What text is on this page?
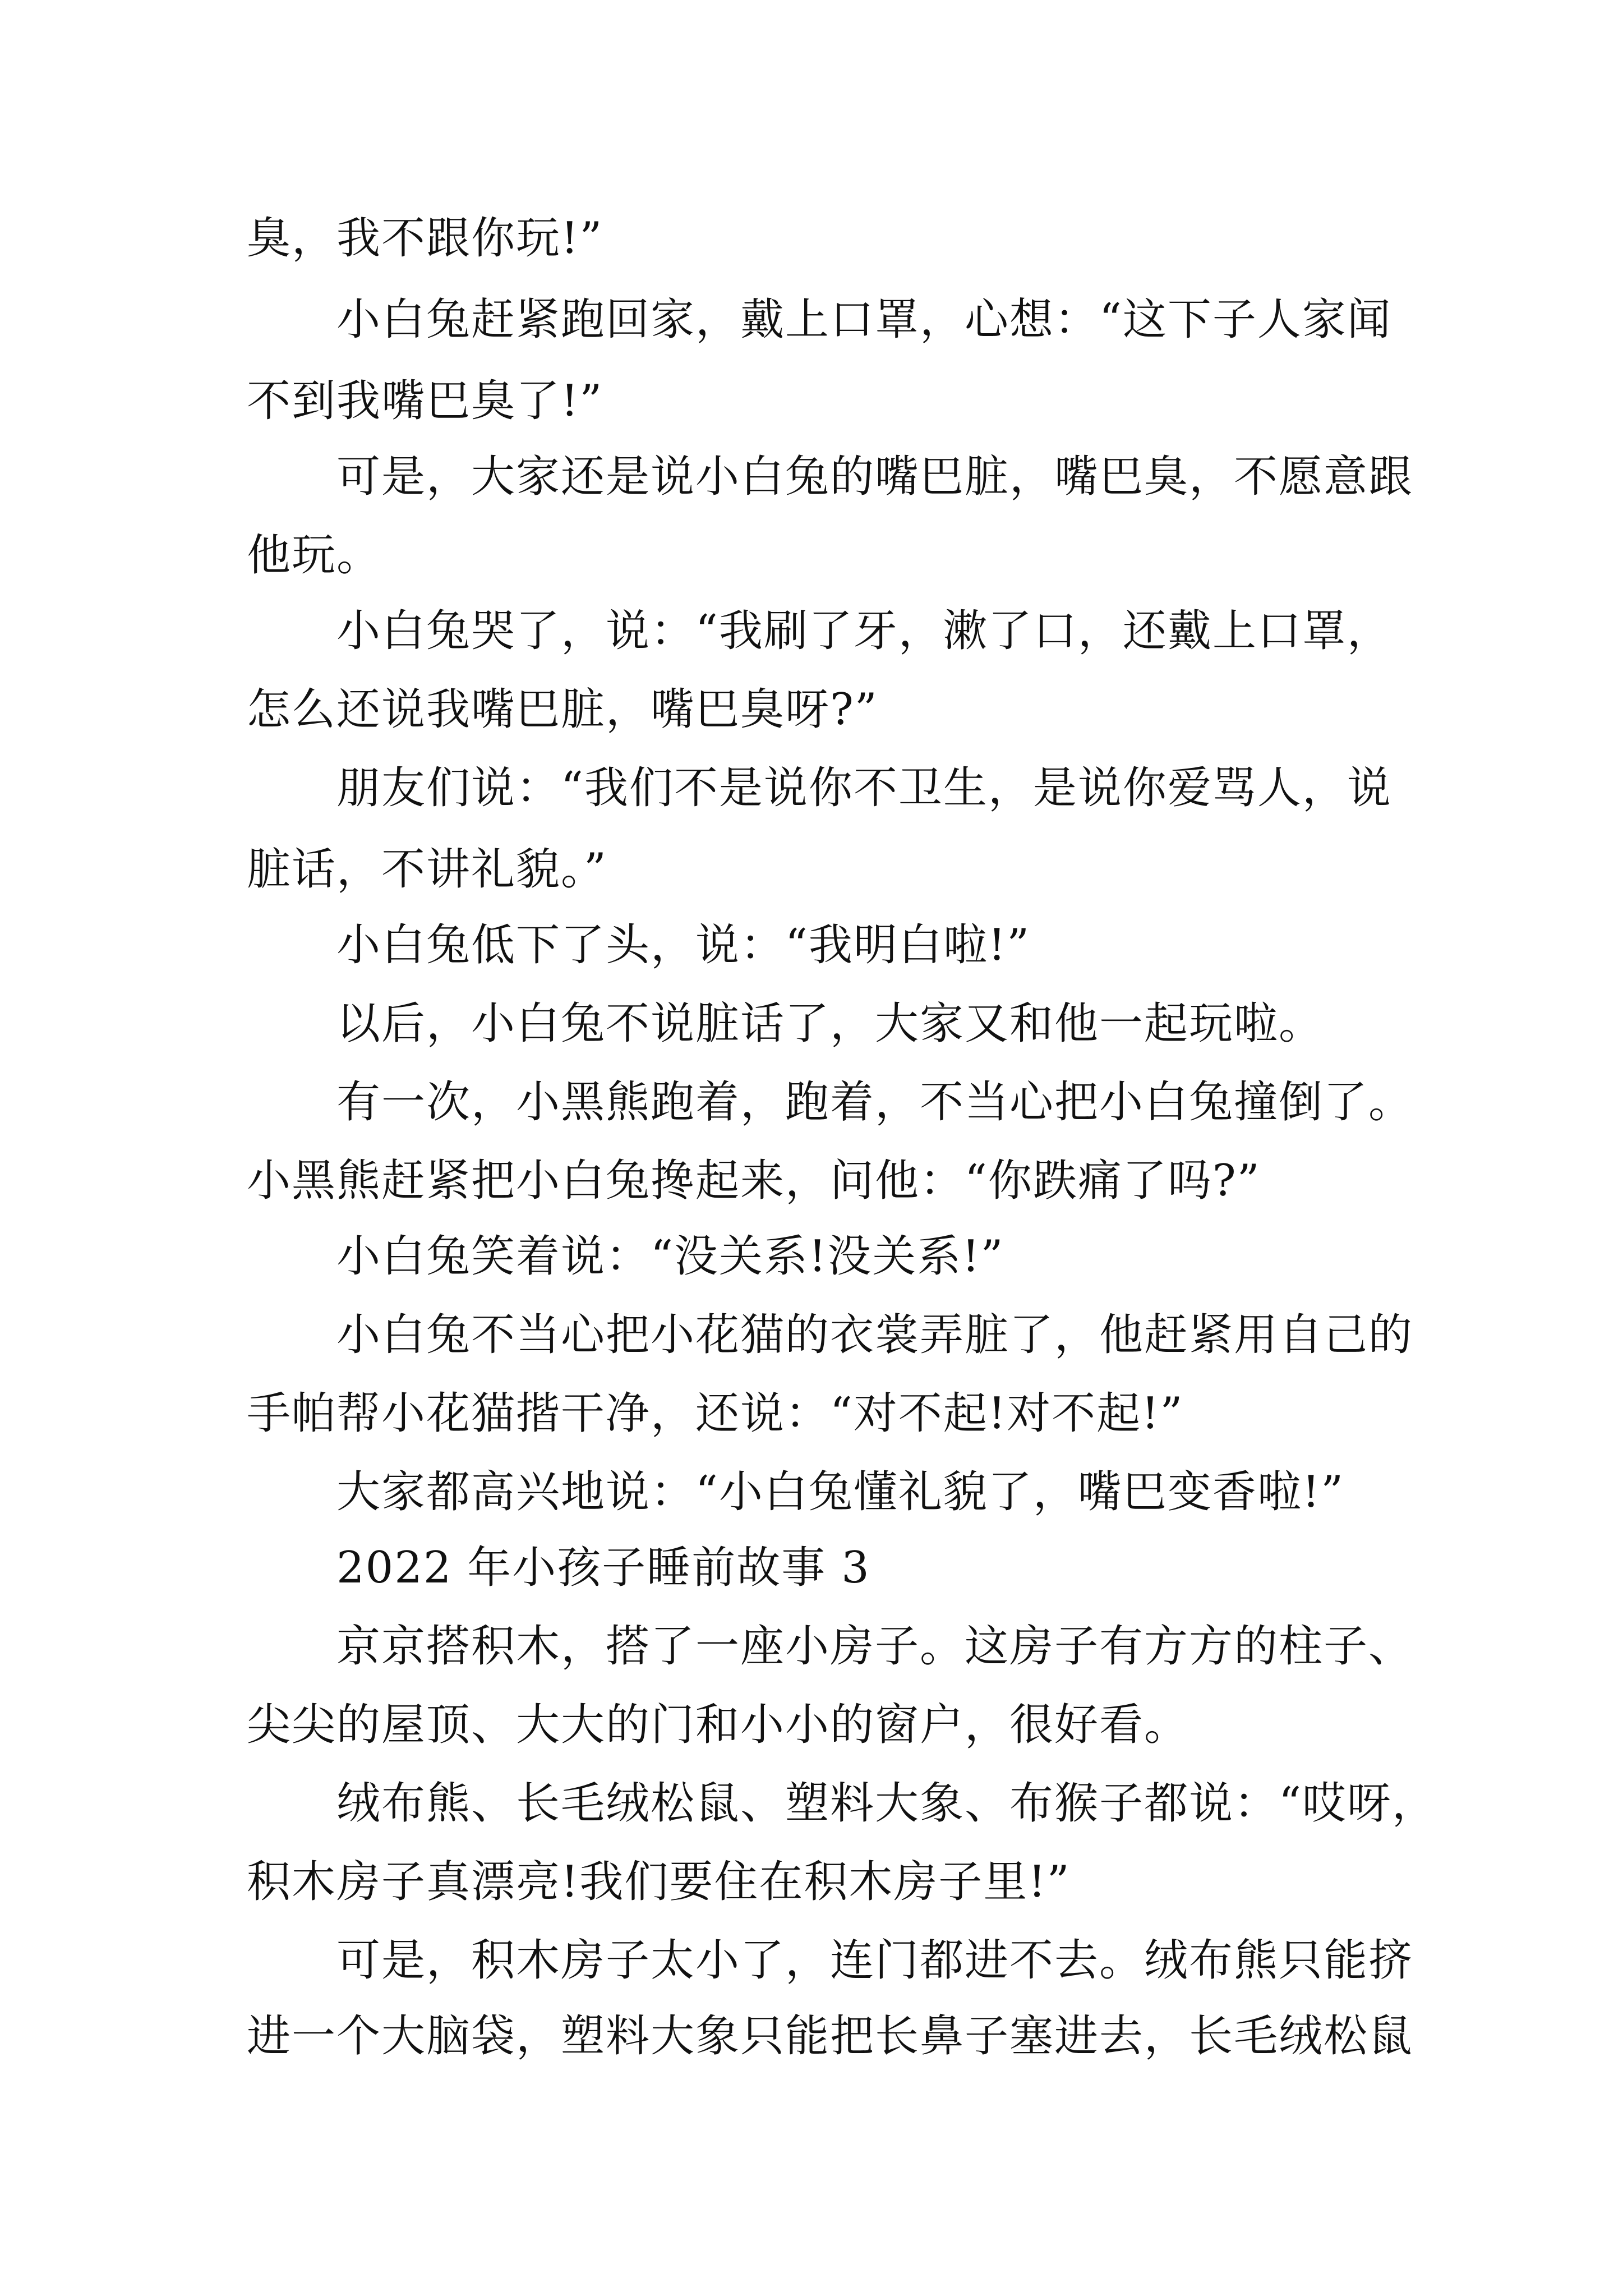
臭，我不跟你玩!”
小白兔赶紧跑回家，戴上口罩，心想：“这下子人家闻
不到我嘴巴臭了!”
可是，大家还是说小白兔的嘴巴脏，嘴巴臭，不愿意跟
他玩。
小白兔哭了，说：“我刷了牙，漱了口，还戴上口罩，
怎么还说我嘴巴脏，嘴巴臭呀?”
朋友们说：“我们不是说你不卫生，是说你爱骂人，说
脏话，不讲礼貌。”
小白兔低下了头，说：“我明白啦!”
以后，小白兔不说脏话了，大家又和他一起玩啦。
有一次，小黑熊跑着，跑着，不当心把小白兔撞倒了。
小黑熊赶紧把小白兔搀起来，问他：“你跌痛了吗?”
小白兔笑着说：“没关系!没关系!”
小白兔不当心把小花猫的衣裳弄脏了，他赶紧用自己的
手帕帮小花猫揩干净，还说：“对不起!对不起!”
大家都高兴地说：“小白兔懂礼貌了，嘴巴变香啦!”
2022 年小孩子睡前故事 3
京京搭积木，搭了一座小房子。这房子有方方的柱子、
尖尖的屋顶、大大的门和小小的窗户，很好看。
绒布熊、长毛绒松鼠、塑料大象、布猴子都说：“哎呀，
积木房子真漂亮!我们要住在积木房子里!”
可是，积木房子太小了，连门都进不去。绒布熊只能挤
进一个大脑袋，塑料大象只能把长鼻子塞进去，长毛绒松鼠
